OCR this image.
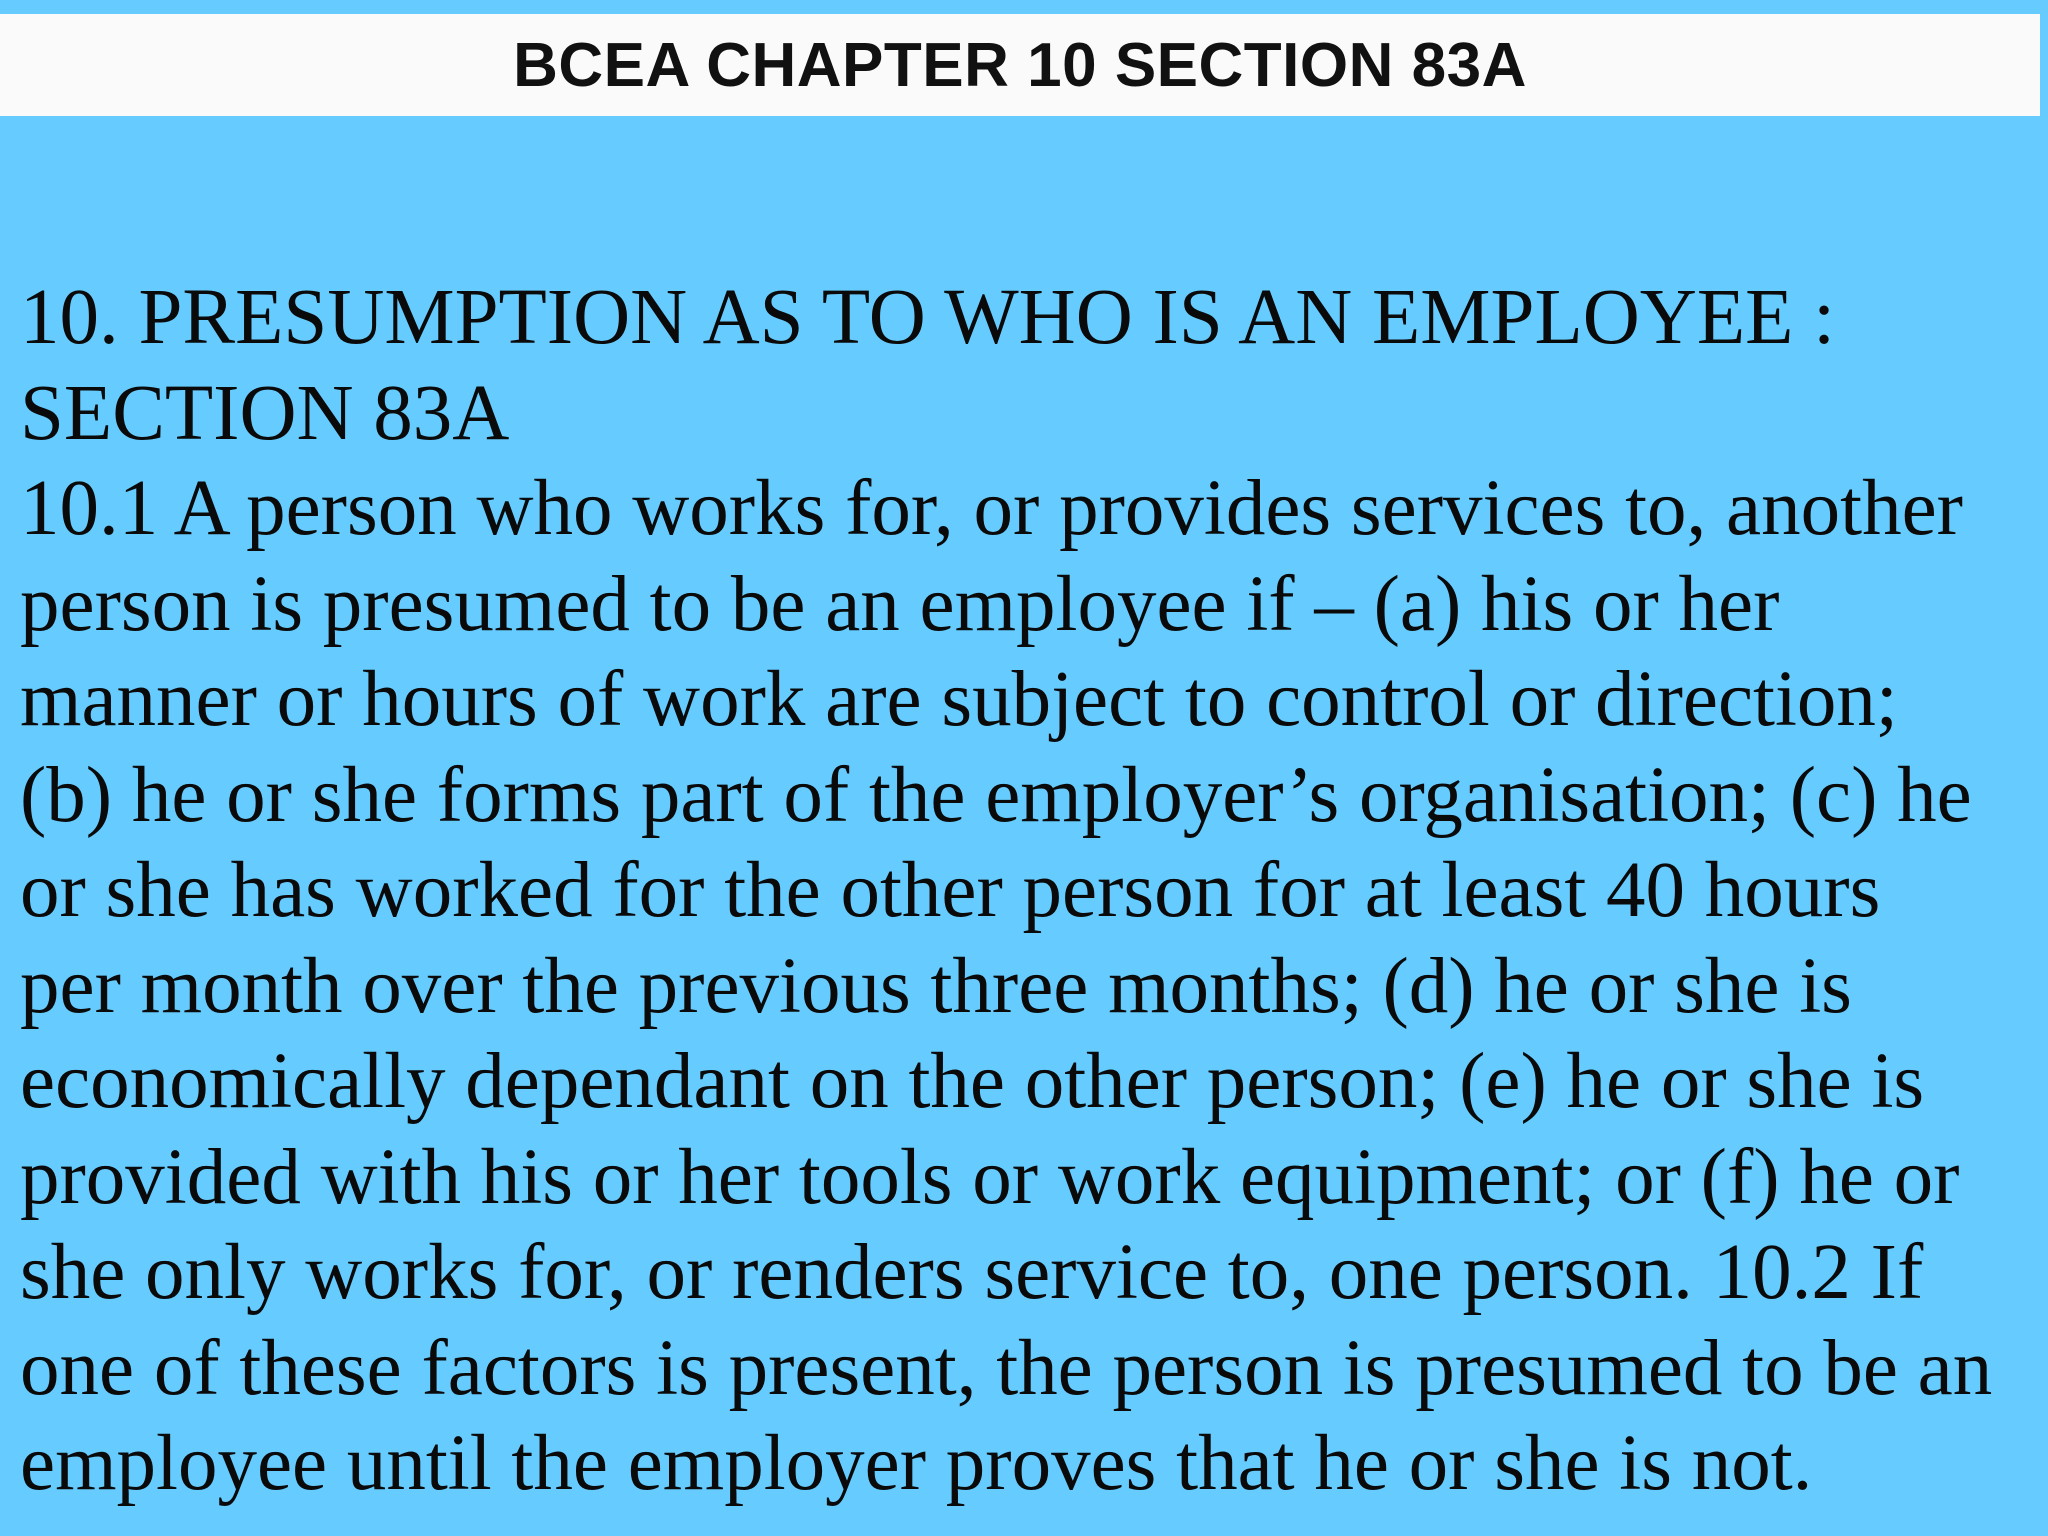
BCEA CHAPTER 10 SECTION 83A
10. PRESUMPTION AS TO WHO IS AN EMPLOYEE :
SECTION 83A
10.1 A person who works for, or provides services to, another
person is presumed to be an employee if – (a) his or her
manner or hours of work are subject to control or direction;
(b) he or she forms part of the employer’s organisation; (c) he
or she has worked for the other person for at least 40 hours
per month over the previous three months; (d) he or she is
economically dependant on the other person; (e) he or she is
provided with his or her tools or work equipment; or (f) he or
she only works for, or renders service to, one person. 10.2 If
one of these factors is present, the person is presumed to be an
employee until the employer proves that he or she is not.
